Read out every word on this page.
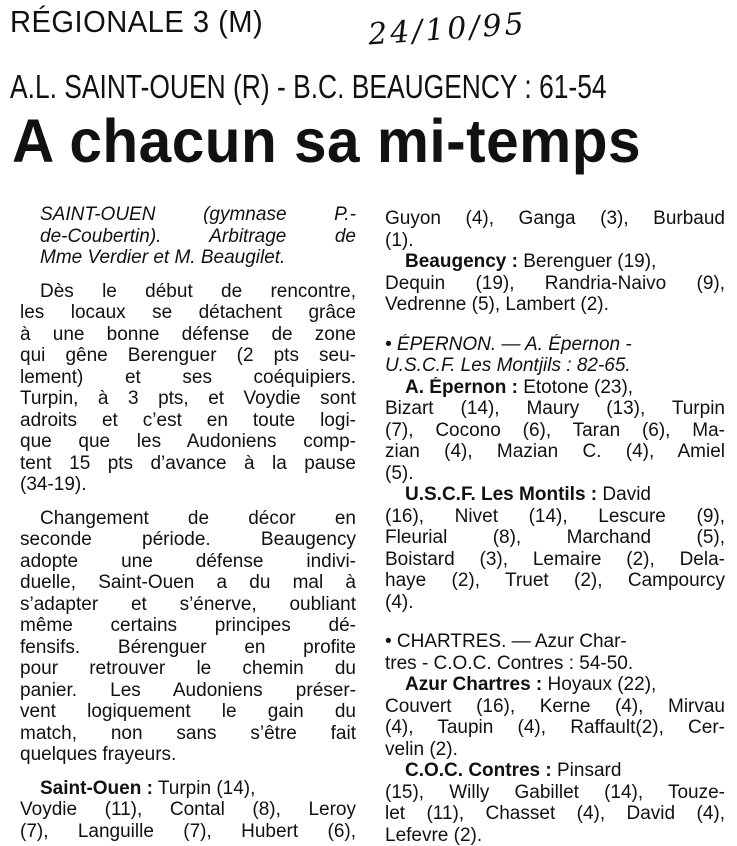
RÉGIONALE 3 (M)	24/10/95
A.L. SAINT-OUEN (R) - B.C. BEAUGENCY : 61-54
A chacun sa mi-temps
SAINT-OUEN (gymnase P.-
de-Coubertin). Arbitrage de
Mme Verdier et M. Beaugilet.
Dès le début de rencontre,
les locaux se détachent grâce
à une bonne défense de zone
qui gêne Berenguer (2 pts seu-
lement) et ses coéquipiers.
Turpin, à 3 pts, et Voydie sont
adroits et c’est en toute logi-
que que les Audoniens comp-
tent 15 pts d’avance à la pause
(34-19).
Changement de décor en
seconde période. Beaugency
adopte une défense indivi-
duelle, Saint-Ouen a du mal à
s’adapter et s’énerve, oubliant
même certains principes dé-
fensifs. Bérenguer en profite
pour retrouver le chemin du
panier. Les Audoniens préser-
vent logiquement le gain du
match, non sans s’être fait
quelques frayeurs.
Saint-Ouen : Turpin (14),
Voydie (11), Contal (8), Leroy
(7), Languille (7), Hubert (6),
Guyon (4), Ganga (3), Burbaud
(1).
Beaugency : Berenguer (19),
Dequin (19), Randria-Naivo (9),
Vedrenne (5), Lambert (2).
• ÉPERNON. — A. Épernon -
U.S.C.F. Les Montjils : 82-65.
A. Épernon : Etotone (23),
Bizart (14), Maury (13), Turpin
(7), Cocono (6), Taran (6), Ma-
zian (4), Mazian C. (4), Amiel
(5).
U.S.C.F. Les Montils : David
(16), Nivet (14), Lescure (9),
Fleurial (8), Marchand (5),
Boistard (3), Lemaire (2), Dela-
haye (2), Truet (2), Campourcy
(4).
• CHARTRES. — Azur Char-
tres - C.O.C. Contres : 54-50.
Azur Chartres : Hoyaux (22),
Couvert (16), Kerne (4), Mirvau
(4), Taupin (4), Raffault(2), Cer-
velin (2).
C.O.C. Contres : Pinsard
(15), Willy Gabillet (14), Touze-
let (11), Chasset (4), David (4),
Lefevre (2).
